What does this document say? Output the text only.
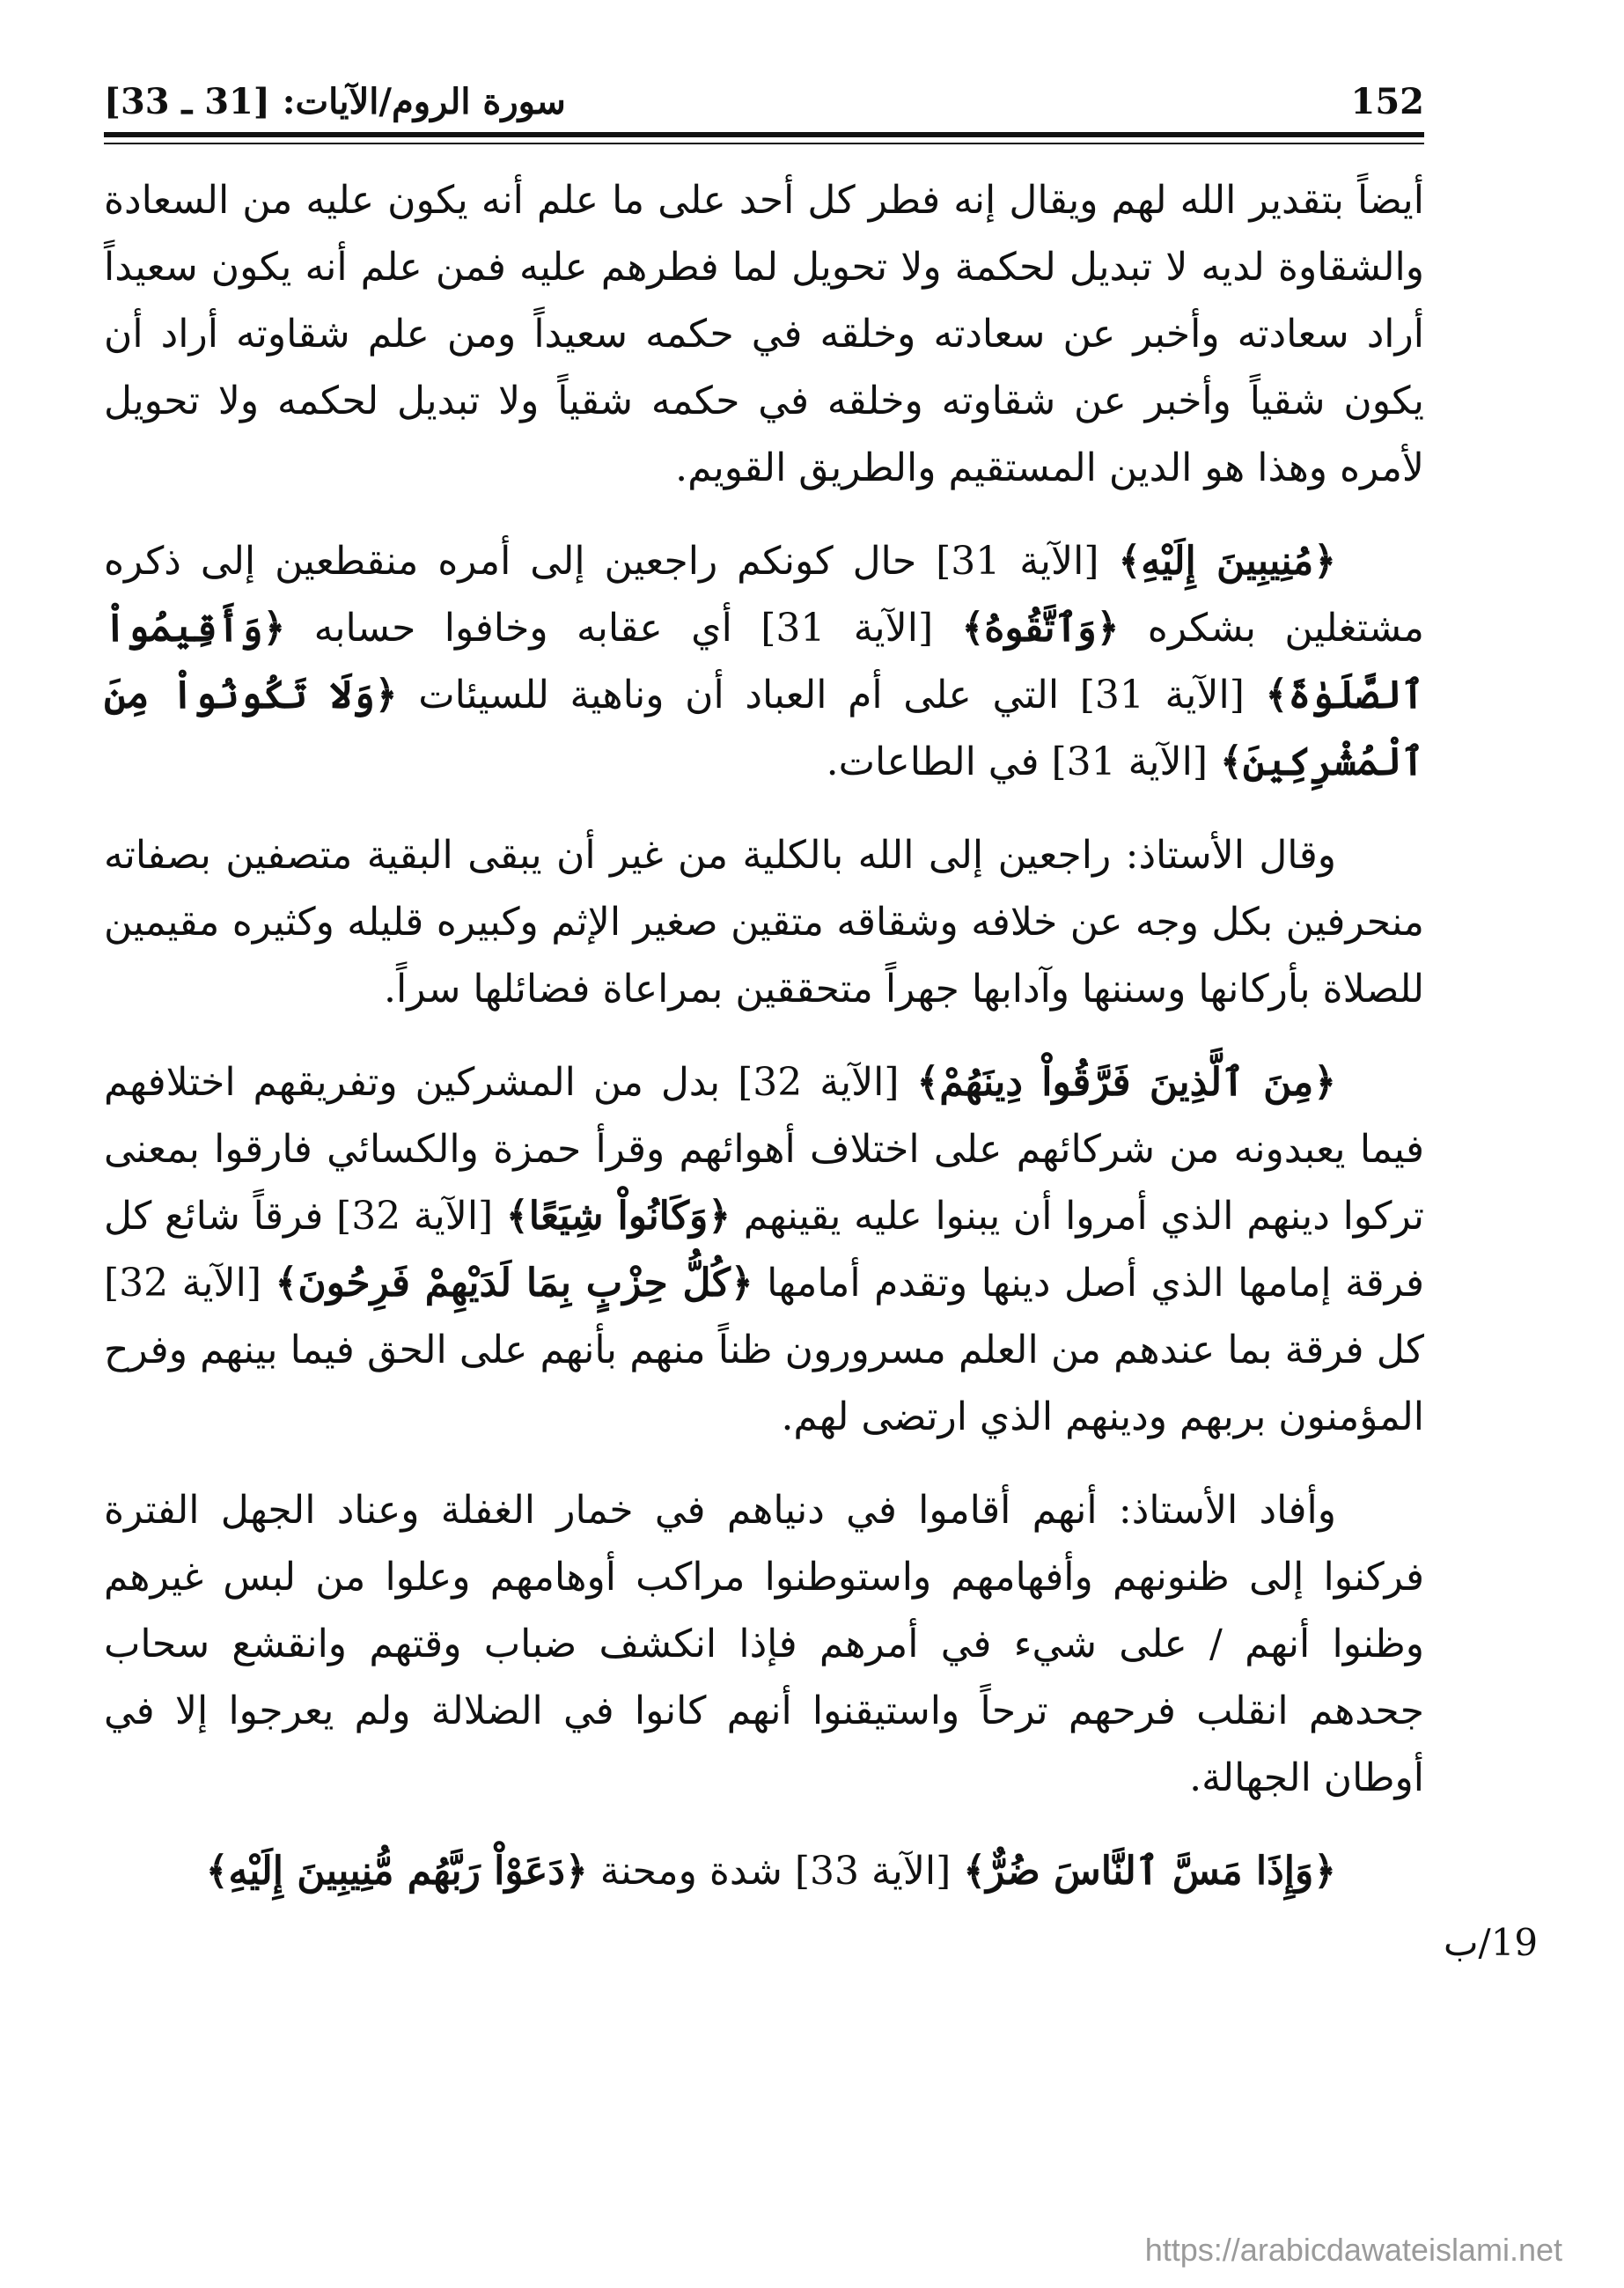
152
سورة الروم/الآيات: [31 ـ 33]

أيضاً بتقدير الله لهم ويقال إنه فطر كل أحد على ما علم أنه يكون عليه من السعادة والشقاوة لديه لا تبديل لحكمة ولا تحويل لما فطرهم عليه فمن علم أنه يكون سعيداً أراد سعادته وأخبر عن سعادته وخلقه في حكمه سعيداً ومن علم شقاوته أراد أن يكون شقياً وأخبر عن شقاوته وخلقه في حكمه شقياً ولا تبديل لحكمه ولا تحويل لأمره وهذا هو الدين المستقيم والطريق القويم.

﴿مُنِيبِينَ إِلَيْهِ﴾ [الآية 31] حال كونكم راجعين إلى أمره منقطعين إلى ذكره مشتغلين بشكره ﴿وَٱتَّقُوهُ﴾ [الآية 31] أي عقابه وخافوا حسابه ﴿وَأَقِيمُواْ ٱلصَّلَوٰةَ﴾ [الآية 31] التي على أم العباد أن وناهية للسيئات ﴿وَلَا تَكُونُواْ مِنَ ٱلْمُشْرِكِينَ﴾ [الآية 31] في الطاعات.

وقال الأستاذ: راجعين إلى الله بالكلية من غير أن يبقى البقية متصفين بصفاته منحرفين بكل وجه عن خلافه وشقاقه متقين صغير الإثم وكبيره قليله وكثيره مقيمين للصلاة بأركانها وسننها وآدابها جهراً متحققين بمراعاة فضائلها سراً.

﴿مِنَ ٱلَّذِينَ فَرَّقُواْ دِينَهُمْ﴾ [الآية 32] بدل من المشركين وتفريقهم اختلافهم فيما يعبدونه من شركائهم على اختلاف أهوائهم وقرأ حمزة والكسائي فارقوا بمعنى تركوا دينهم الذي أمروا أن يبنوا عليه يقينهم ﴿وَكَانُواْ شِيَعًا﴾ [الآية 32] فرقاً شائع كل فرقة إمامها الذي أصل دينها وتقدم أمامها ﴿كُلُّ حِزْبٍ بِمَا لَدَيْهِمْ فَرِحُونَ﴾ [الآية 32] كل فرقة بما عندهم من العلم مسرورون ظناً منهم بأنهم على الحق فيما بينهم وفرح المؤمنون بربهم ودينهم الذي ارتضى لهم.

وأفاد الأستاذ: أنهم أقاموا في دنياهم في خمار الغفلة وعناد الجهل الفترة فركنوا إلى ظنونهم وأفهامهم واستوطنوا مراكب أوهامهم وعلوا من لبس غيرهم وظنوا أنهم / على شيء في أمرهم فإذا انكشف ضباب وقتهم وانقشع سحاب جحدهم انقلب فرحهم ترحاً واستيقنوا أنهم كانوا في الضلالة ولم يعرجوا إلا في أوطان الجهالة.

﴿وَإِذَا مَسَّ ٱلنَّاسَ ضُرٌّ﴾ [الآية 33] شدة ومحنة ﴿دَعَوْاْ رَبَّهُم مُّنِيبِينَ إِلَيْهِ﴾

19/ب
https://arabicdawateislami.net
